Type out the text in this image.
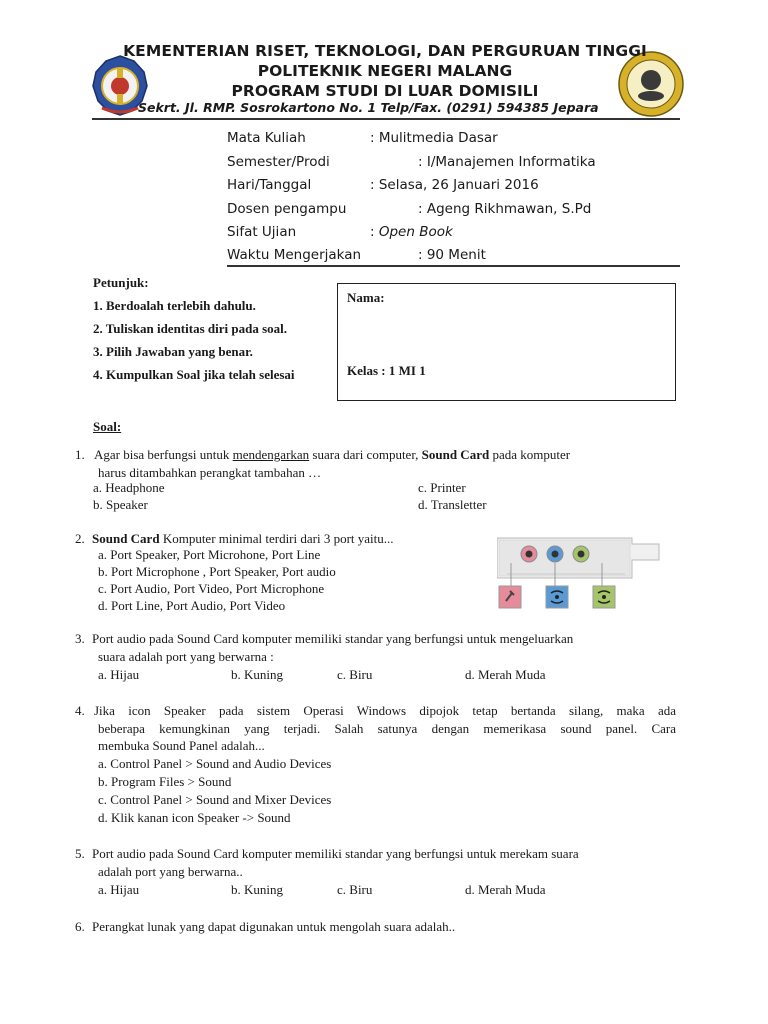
KEMENTERIAN RISET, TEKNOLOGI, DAN PERGURUAN TINGGI
POLITEKNIK NEGERI MALANG
PROGRAM STUDI DI LUAR DOMISILI
Sekrt. Jl. RMP. Sosrokartono No. 1 Telp/Fax. (0291) 594385 Jepara
Mata Kuliah	: Mulitmedia Dasar
Semester/Prodi	: I/Manajemen Informatika
Hari/Tanggal	: Selasa, 26 Januari 2016
Dosen pengampu	: Ageng Rikhmawan, S.Pd
Sifat Ujian	: Open Book
Waktu Mengerjakan	: 90 Menit
Petunjuk:
1. Berdoalah terlebih dahulu.
2. Tuliskan identitas diri pada soal.
3. Pilih Jawaban yang benar.
4. Kumpulkan Soal jika telah selesai
Nama:
Kelas : 1 MI 1
Soal:
1. Agar bisa berfungsi untuk mendengarkan suara dari computer, Sound Card pada komputer
harus ditambahkan perangkat tambahan …
a. Headphone
b. Speaker
c. Printer
d. Transletter
2. Sound Card Komputer minimal terdiri dari 3 port yaitu...
a. Port Speaker, Port Microhone, Port Line
b. Port Microphone , Port Speaker, Port audio
c. Port Audio, Port Video, Port Microphone
d. Port Line, Port Audio, Port Video
3. Port audio pada Sound Card komputer memiliki standar yang berfungsi untuk mengeluarkan
suara adalah port yang berwarna :
a. Hijau	b. Kuning	c. Biru	d. Merah Muda
4. Jika icon Speaker pada sistem Operasi Windows dipojok tetap bertanda silang, maka ada
beberapa kemungkinan yang terjadi. Salah satunya dengan memerikasa sound panel. Cara
membuka Sound Panel adalah...
a. Control Panel > Sound and Audio Devices
b. Program Files > Sound
c. Control Panel > Sound and Mixer Devices
d. Klik kanan icon Speaker -> Sound
5. Port audio pada Sound Card komputer memiliki standar yang berfungsi untuk merekam suara
adalah port yang berwarna..
a. Hijau	b. Kuning	c. Biru	d. Merah Muda
6. Perangkat lunak yang dapat digunakan untuk mengolah suara adalah..
